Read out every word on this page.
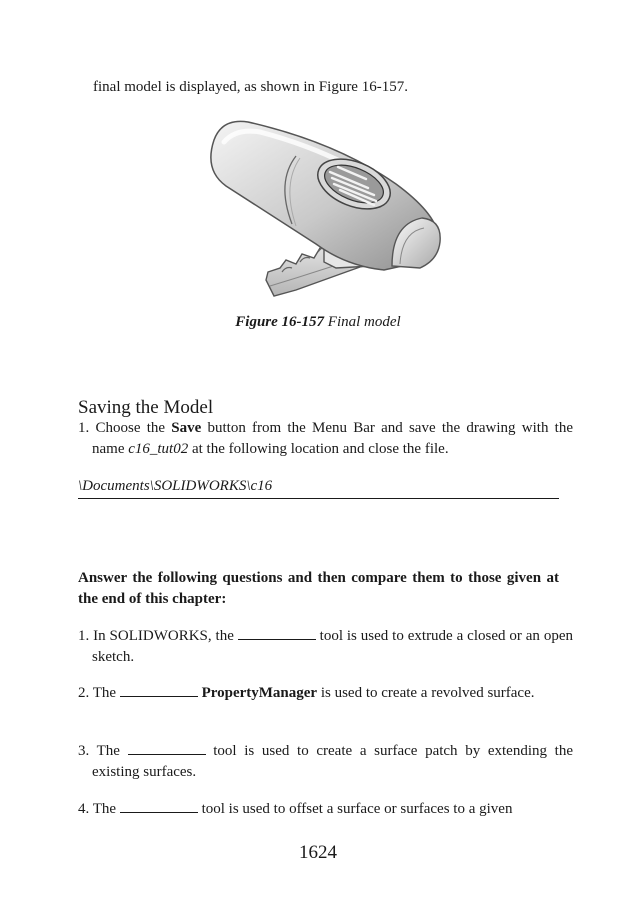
final model is displayed, as shown in Figure 16-157.
Figure 16-157 Final model
Saving the Model
1. Choose the Save button from the Menu Bar and save the drawing with the name c16_tut02 at the following location and close the file.
\Documents\SOLIDWORKS\c16
Answer the following questions and then compare them to those given at the end of this chapter:
1. In SOLIDWORKS, the	tool is used to extrude a closed or an open sketch.
2. The	PropertyManager is used to create a revolved surface.
3. The	tool is used to create a surface patch by extending the existing surfaces.
4. The	tool is used to offset a surface or surfaces to a given
1624
